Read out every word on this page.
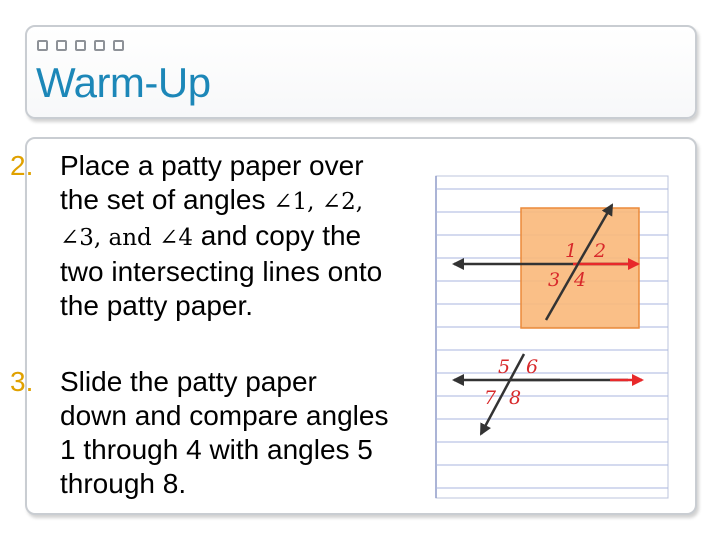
Warm-Up
2. Place a patty paper over the set of angles ∠1, ∠2, ∠3, and ∠4 and copy the two intersecting lines onto the patty paper.
3. Slide the patty paper down and compare angles 1 through 4 with angles 5 through 8.
1 2
3 4
5 6
7 8
